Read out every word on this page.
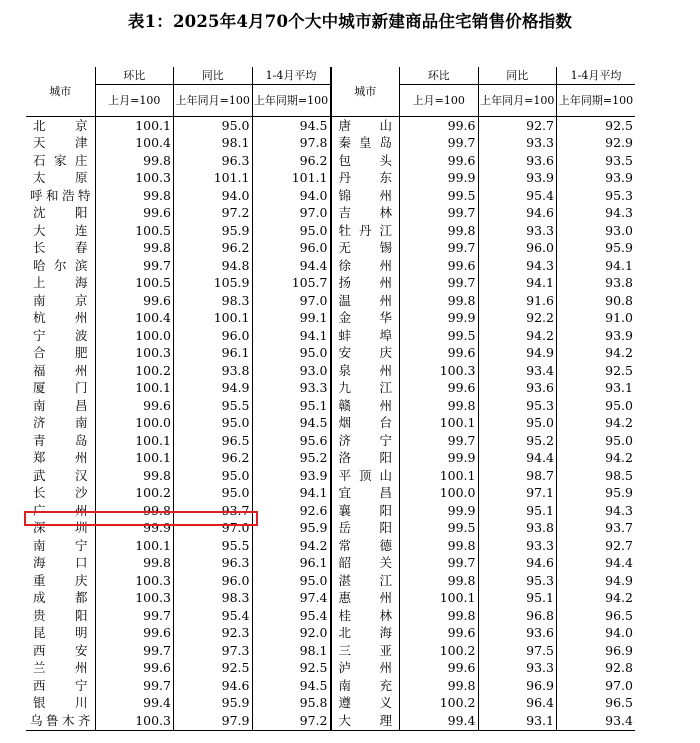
表1：2025年4月70个大中城市新建商品住宅销售价格指数
城市	环比	同比	1-4月平均	城市	环比	同比	1-4月平均
	上月=100	上年同月=100	上年同期=100		上月=100	上年同月=100	上年同期=100

北京	100.1	95.0	94.5	唐山	99.6	92.7	92.5

天津	100.4	98.1	97.8	秦皇岛	99.7	93.3	92.9

石家庄	99.8	96.3	96.2	包头	99.6	93.6	93.5

太原	100.3	101.1	101.1	丹东	99.9	93.9	93.9

呼和浩特	99.8	94.0	94.0	锦州	99.5	95.4	95.3

沈阳	99.6	97.2	97.0	吉林	99.7	94.6	94.3

大连	100.5	95.9	95.0	牡丹江	99.8	93.3	93.0

长春	99.8	96.2	96.0	无锡	99.7	96.0	95.9

哈尔滨	99.7	94.8	94.4	徐州	99.6	94.3	94.1

上海	100.5	105.9	105.7	扬州	99.7	94.1	93.8

南京	99.6	98.3	97.0	温州	99.8	91.6	90.8

杭州	100.4	100.1	99.1	金华	99.9	92.2	91.0

宁波	100.0	96.0	94.1	蚌埠	99.5	94.2	93.9

合肥	100.3	96.1	95.0	安庆	99.6	94.9	94.2

福州	100.2	93.8	93.0	泉州	100.3	93.4	92.5

厦门	100.1	94.9	93.3	九江	99.6	93.6	93.1

南昌	99.6	95.5	95.1	赣州	99.8	95.3	95.0

济南	100.0	95.0	94.5	烟台	100.1	95.0	94.2

青岛	100.1	96.5	95.6	济宁	99.7	95.2	95.0

郑州	100.1	96.2	95.2	洛阳	99.9	94.4	94.2

武汉	99.8	95.0	93.9	平顶山	100.1	98.7	98.5

长沙	100.2	95.0	94.1	宜昌	100.0	97.1	95.9

广州	99.8	93.7	92.6	襄阳	99.9	95.1	94.3

深圳	99.9	97.0	95.9	岳阳	99.5	93.8	93.7

南宁	100.1	95.5	94.2	常德	99.8	93.3	92.7

海口	99.8	96.3	96.1	韶关	99.7	94.6	94.4

重庆	100.3	96.0	95.0	湛江	99.8	95.3	94.9

成都	100.3	98.3	97.4	惠州	100.1	95.1	94.2

贵阳	99.7	95.4	95.4	桂林	99.8	96.8	96.5

昆明	99.6	92.3	92.0	北海	99.6	93.6	94.0

西安	99.7	97.3	98.1	三亚	100.2	97.5	96.9

兰州	99.6	92.5	92.5	泸州	99.6	93.3	92.8

西宁	99.7	94.6	94.5	南充	99.8	96.9	97.0

银川	99.4	95.9	95.8	遵义	100.2	96.4	96.5

乌鲁木齐	100.3	97.9	97.2	大理	99.4	93.1	93.4
